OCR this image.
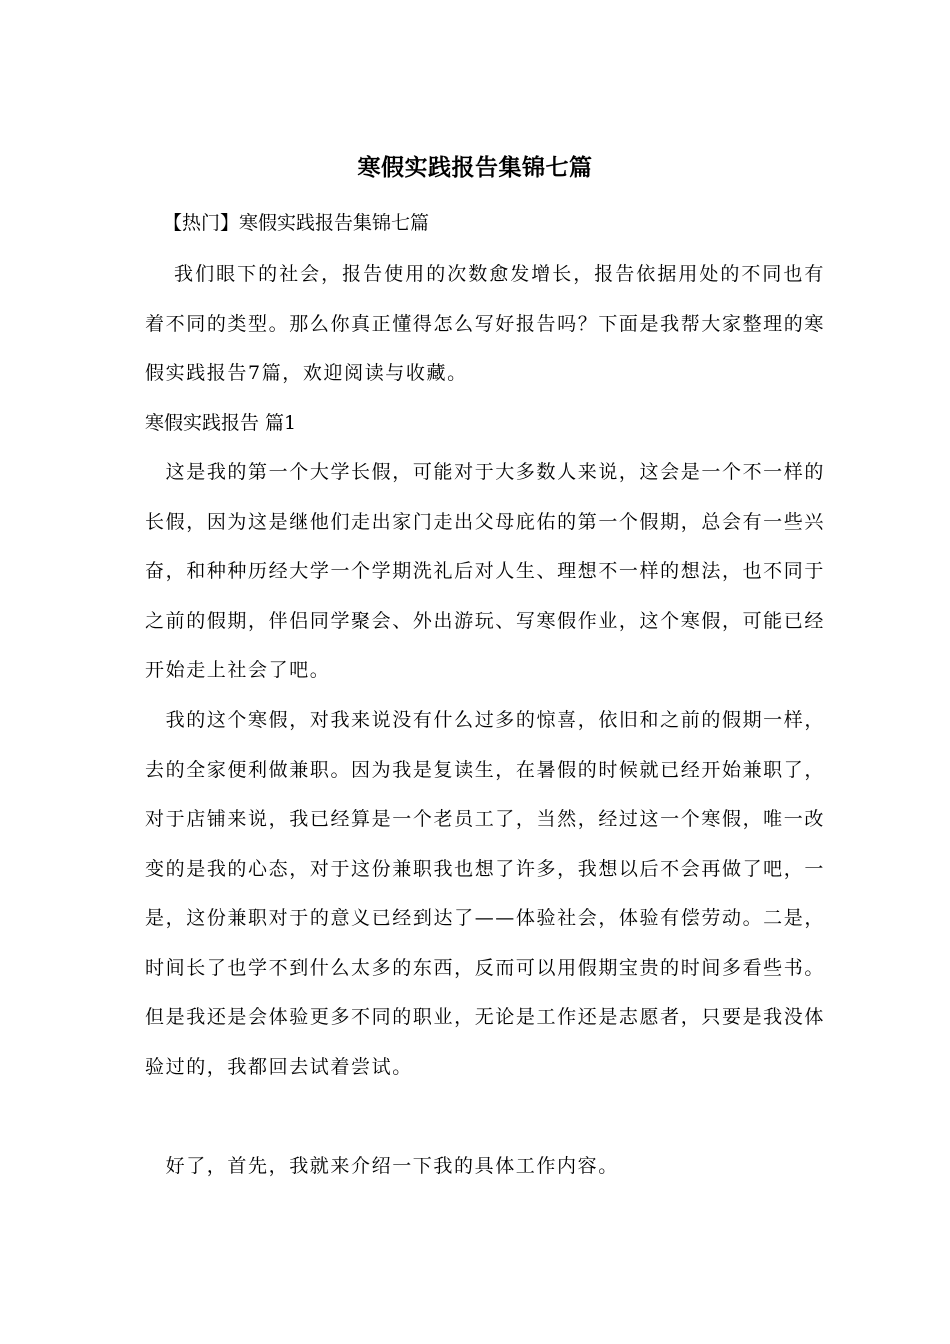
寒假实践报告集锦七篇
【热门】寒假实践报告集锦七篇
　 我们眼下的社会，报告使用的次数愈发增长，报告依据用处的不同也有着不同的类型。那么你真正懂得怎么写好报告吗？下面是我帮大家整理的寒假实践报告7篇，欢迎阅读与收藏。
寒假实践报告 篇1
　这是我的第一个大学长假，可能对于大多数人来说，这会是一个不一样的长假，因为这是继他们走出家门走出父母庇佑的第一个假期，总会有一些兴奋，和种种历经大学一个学期洗礼后对人生、理想不一样的想法，也不同于之前的假期，伴侣同学聚会、外出游玩、写寒假作业，这个寒假，可能已经开始走上社会了吧。
　我的这个寒假，对我来说没有什么过多的惊喜，依旧和之前的假期一样，去的全家便利做兼职。因为我是复读生，在暑假的时候就已经开始兼职了，对于店铺来说，我已经算是一个老员工了，当然，经过这一个寒假，唯一改变的是我的心态，对于这份兼职我也想了许多，我想以后不会再做了吧，一是，这份兼职对于的意义已经到达了——体验社会，体验有偿劳动。二是，时间长了也学不到什么太多的东西，反而可以用假期宝贵的时间多看些书。但是我还是会体验更多不同的职业，无论是工作还是志愿者，只要是我没体验过的，我都回去试着尝试。
　好了，首先，我就来介绍一下我的具体工作内容。
